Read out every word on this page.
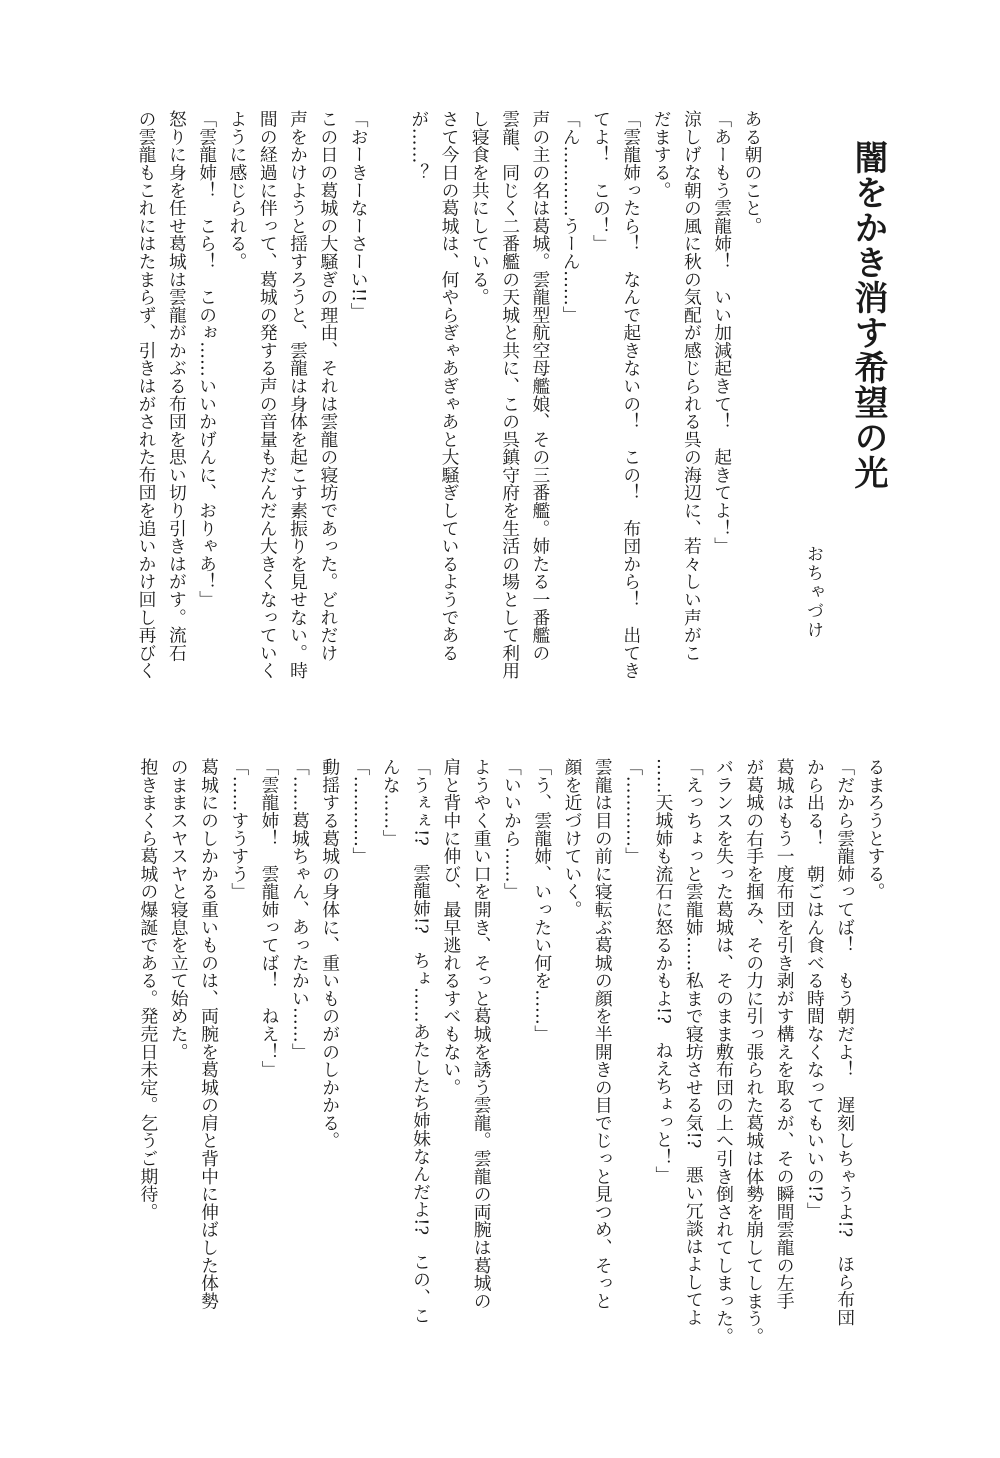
闇をかき消す希望の光
おちゃづけ
ある朝のこと。
「あーもう雲龍姉！　いい加減起きて！　起きてよ！」
涼しげな朝の風に秋の気配が感じられる呉の海辺に、若々しい声がこ
だまする。
「雲龍姉ったら！　なんで起きないの！　この！　布団から！　出てき
てよ！　この！」
「ん…………うーん……」
声の主の名は葛城。雲龍型航空母艦娘、その三番艦。姉たる一番艦の
雲龍、同じく二番艦の天城と共に、この呉鎮守府を生活の場として利用
し寝食を共にしている。
さて今日の葛城は、何やらぎゃあぎゃあと大騒ぎしているようである
が……？

「おーきーなーさーい!!」
この日の葛城の大騒ぎの理由、それは雲龍の寝坊であった。どれだけ
声をかけようと揺すろうと、雲龍は身体を起こす素振りを見せない。時
間の経過に伴って、葛城の発する声の音量もだんだん大きくなっていく
ように感じられる。
「雲龍姉！　こら！　このぉ……いいかげんに、おりゃあ！」
怒りに身を任せ葛城は雲龍がかぶる布団を思い切り引きはがす。流石
の雲龍もこれにはたまらず、引きはがされた布団を追いかけ回し再びく
るまろうとする。
「だから雲龍姉ってば！　もう朝だよ！　遅刻しちゃうよ!?　ほら布団
から出る！　朝ごはん食べる時間なくなってもいいの!?」
葛城はもう一度布団を引き剥がす構えを取るが、その瞬間雲龍の左手
が葛城の右手を掴み、その力に引っ張られた葛城は体勢を崩してしまう。
バランスを失った葛城は、そのまま敷布団の上へ引き倒されてしまった。
「えっちょっと雲龍姉……私まで寝坊させる気!?　悪い冗談はよしてよ
……天城姉も流石に怒るかもよ!?　ねえちょっと！」
「…………」
雲龍は目の前に寝転ぶ葛城の顔を半開きの目でじっと見つめ、そっと
顔を近づけていく。
「う、雲龍姉、いったい何を……」
「いいから……」
ようやく重い口を開き、そっと葛城を誘う雲龍。雲龍の両腕は葛城の
肩と背中に伸び、最早逃れるすべもない。
「うぇぇ!?　雲龍姉!?　ちょ……あたしたち姉妹なんだよ!?　この、こ
んな……」
「…………」
動揺する葛城の身体に、重いものがのしかかる。
「……葛城ちゃん、あったかい……」
「雲龍姉！　雲龍姉ってば！　ねえ！」
「……すうすう」
葛城にのしかかる重いものは、両腕を葛城の肩と背中に伸ばした体勢
のままスヤスヤと寝息を立て始めた。
抱きまくら葛城の爆誕である。発売日未定。乞うご期待。
